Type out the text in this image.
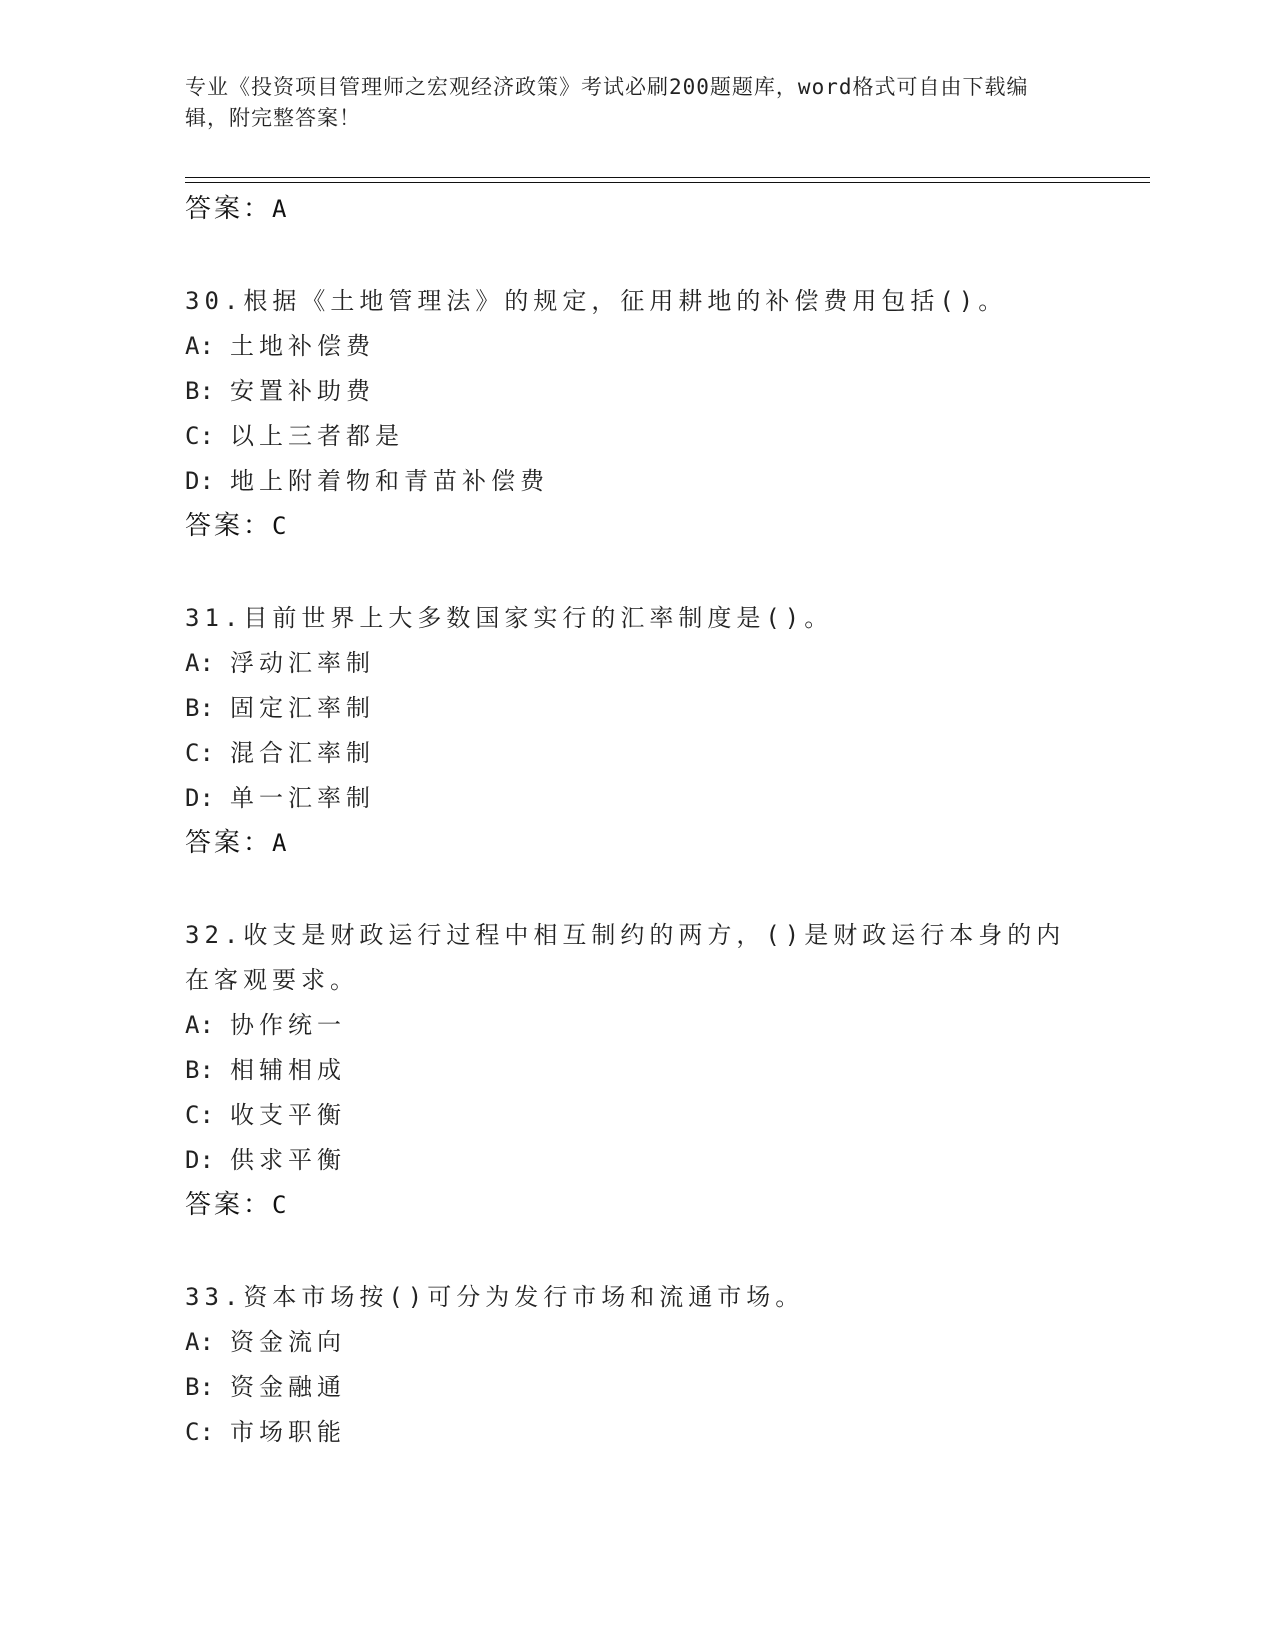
专业《投资项目管理师之宏观经济政策》考试必刷200题题库，word格式可自由下载编辑，附完整答案！
答案：A
30.根据《土地管理法》的规定，征用耕地的补偿费用包括()。
A: 土地补偿费
B: 安置补助费
C: 以上三者都是
D: 地上附着物和青苗补偿费
答案：C
31.目前世界上大多数国家实行的汇率制度是()。
A: 浮动汇率制
B: 固定汇率制
C: 混合汇率制
D: 单一汇率制
答案：A
32.收支是财政运行过程中相互制约的两方，()是财政运行本身的内在客观要求。
A: 协作统一
B: 相辅相成
C: 收支平衡
D: 供求平衡
答案：C
33.资本市场按()可分为发行市场和流通市场。
A: 资金流向
B: 资金融通
C: 市场职能
